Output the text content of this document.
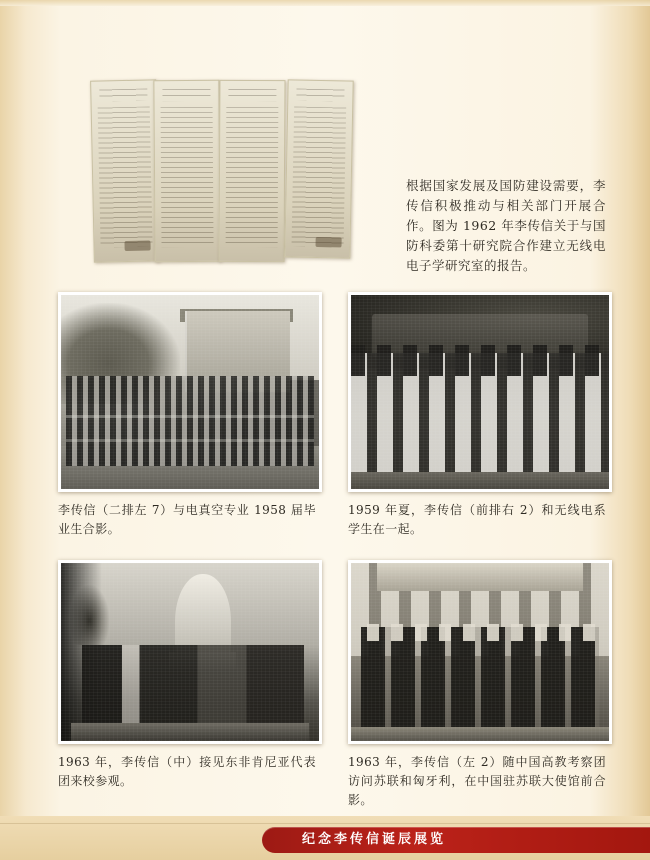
根据国家发展及国防建设需要，李传信积极推动与相关部门开展合作。图为 1962 年李传信关于与国防科委第十研究院合作建立无线电电子学研究室的报告。
李传信（二排左 7）与电真空专业 1958 届毕业生合影。
1959 年夏，李传信（前排右 2）和无线电系学生在一起。
1963 年，李传信（中）接见东非肯尼亚代表团来校参观。
1963 年，李传信（左 2）随中国高教考察团访问苏联和匈牙利，在中国驻苏联大使馆前合影。
纪念李传信诞辰展览
